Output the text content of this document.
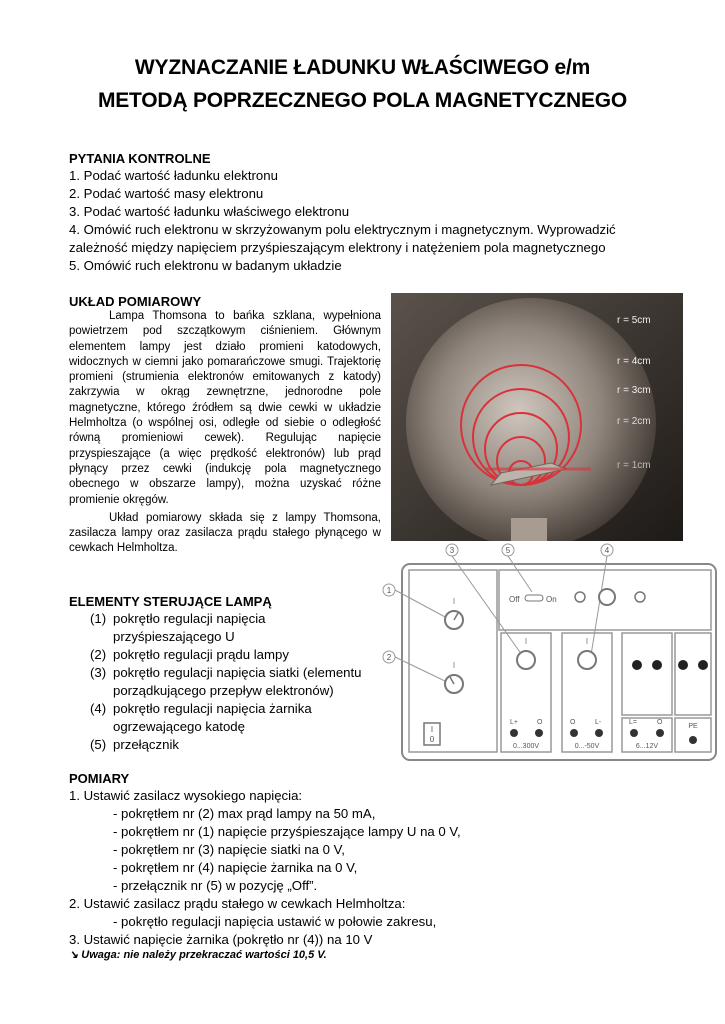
WYZNACZANIE ŁADUNKU WŁAŚCIWEGO e/m
METODĄ POPRZECZNEGO POLA MAGNETYCZNEGO
PYTANIA KONTROLNE
1. Podać wartość ładunku elektronu
2. Podać wartość masy elektronu
3. Podać wartość ładunku właściwego elektronu
4. Omówić ruch elektronu w skrzyżowanym polu elektrycznym i magnetycznym. Wyprowadzić
zależność między napięciem przyśpieszającym elektrony i natężeniem pola magnetycznego
5. Omówić ruch elektronu w badanym układzie
UKŁAD POMIAROWY

Lampa Thomsona to bańka szklana, wypełniona powietrzem pod szczątkowym ciśnieniem. Głównym elementem lampy jest działo promieni katodowych, widocznych w ciemni jako pomarańczowe smugi. Trajektorię promieni (strumienia elektronów emitowanych z katody) zakrzywia w okrąg zewnętrzne, jednorodne pole magnetyczne, którego źródłem są dwie cewki w układzie Helmholtza (o wspólnej osi, odległe od siebie o odległość równą promieniowi cewek). Regulując napięcie przyspieszające (a więc prędkość elektronów) lub prąd płynący przez cewki (indukcję pola magnetycznego obecnego w obszarze lampy), można uzyskać różne promienie okręgów.

Układ pomiarowy składa się z lampy Thomsona, zasilacza lampy oraz zasilacza prądu stałego płynącego w cewkach Helmholtza.

r = 5cm
r = 4cm
r = 3cm
r = 2cm
r = 1cm
1
2
3	5	4
I
I
I
0
Off	On
I	I
L+	O
0...300V
O	L-
0...-50V
L=	O
6...12V
PE
ELEMENTY STERUJĄCE LAMPĄ
(1) pokrętło regulacji napięcia
przyśpieszającego U
(2) pokrętło regulacji prądu lampy
(3) pokrętło regulacji napięcia siatki (elementu
porządkującego przepływ elektronów)
(4) pokrętło regulacji napięcia żarnika
ogrzewającego katodę
(5) przełącznik
POMIARY
1. Ustawić zasilacz wysokiego napięcia:
- pokrętłem nr (2) max prąd lampy na 50 mA,
- pokrętłem nr (1) napięcie przyśpieszające lampy U na 0 V,
- pokrętłem nr (3) napięcie siatki na 0 V,
- pokrętłem nr (4) napięcie żarnika na 0 V,
- przełącznik nr (5) w pozycję „Off”.
2. Ustawić zasilacz prądu stałego w cewkach Helmholtza:
- pokrętło regulacji napięcia ustawić w połowie zakresu,
3. Ustawić napięcie żarnika (pokrętło nr (4)) na 10 V
↘ Uwaga: nie należy przekraczać wartości 10,5 V.
